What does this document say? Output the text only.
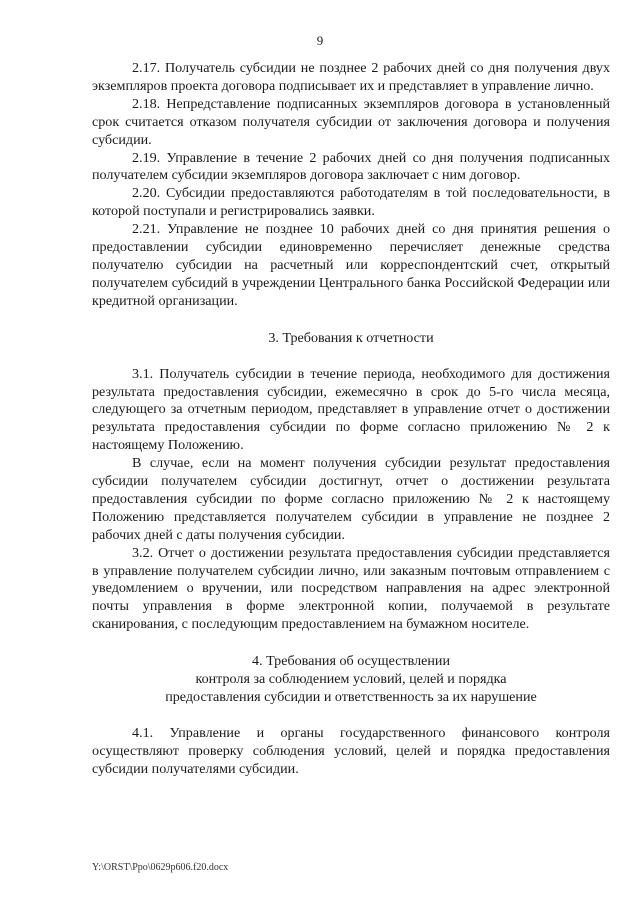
9

2.17. Получатель субсидии не позднее 2 рабочих дней со дня получения двух экземпляров проекта договора подписывает их и представляет в управление лично.

2.18. Непредставление подписанных экземпляров договора в установленный срок считается отказом получателя субсидии от заключения договора и получения субсидии.

2.19. Управление в течение 2 рабочих дней со дня получения подписанных получателем субсидии экземпляров договора заключает с ним договор.

2.20. Субсидии предоставляются работодателям в той последовательности, в которой поступали и регистрировались заявки.

2.21. Управление не позднее 10 рабочих дней со дня принятия решения о предоставлении субсидии единовременно перечисляет денежные средства получателю субсидии на расчетный или корреспондентский счет, открытый получателем субсидий в учреждении Центрального банка Российской Федерации или кредитной организации.

3. Требования к отчетности

3.1. Получатель субсидии в течение периода, необходимого для достижения результата предоставления субсидии, ежемесячно в срок до 5-го числа месяца, следующего за отчетным периодом, представляет в управление отчет о достижении результата предоставления субсидии по форме согласно приложению № 2 к настоящему Положению.

В случае, если на момент получения субсидии результат предоставления субсидии получателем субсидии достигнут, отчет о достижении результата предоставления субсидии по форме согласно приложению № 2 к настоящему Положению представляется получателем субсидии в управление не позднее 2 рабочих дней с даты получения субсидии.

3.2. Отчет о достижении результата предоставления субсидии представляется в управление получателем субсидии лично, или заказным почтовым отправлением с уведомлением о вручении, или посредством направления на адрес электронной почты управления в форме электронной копии, получаемой в результате сканирования, с последующим предоставлением на бумажном носителе.

4. Требования об осуществлении

контроля за соблюдением условий, целей и порядка

предоставления субсидии и ответственность за их нарушение

4.1. Управление и органы государственного финансового контроля осуществляют проверку соблюдения условий, целей и порядка предоставления субсидии получателями субсидии.

Y:\ORST\Ppo\0629p606.f20.docx
